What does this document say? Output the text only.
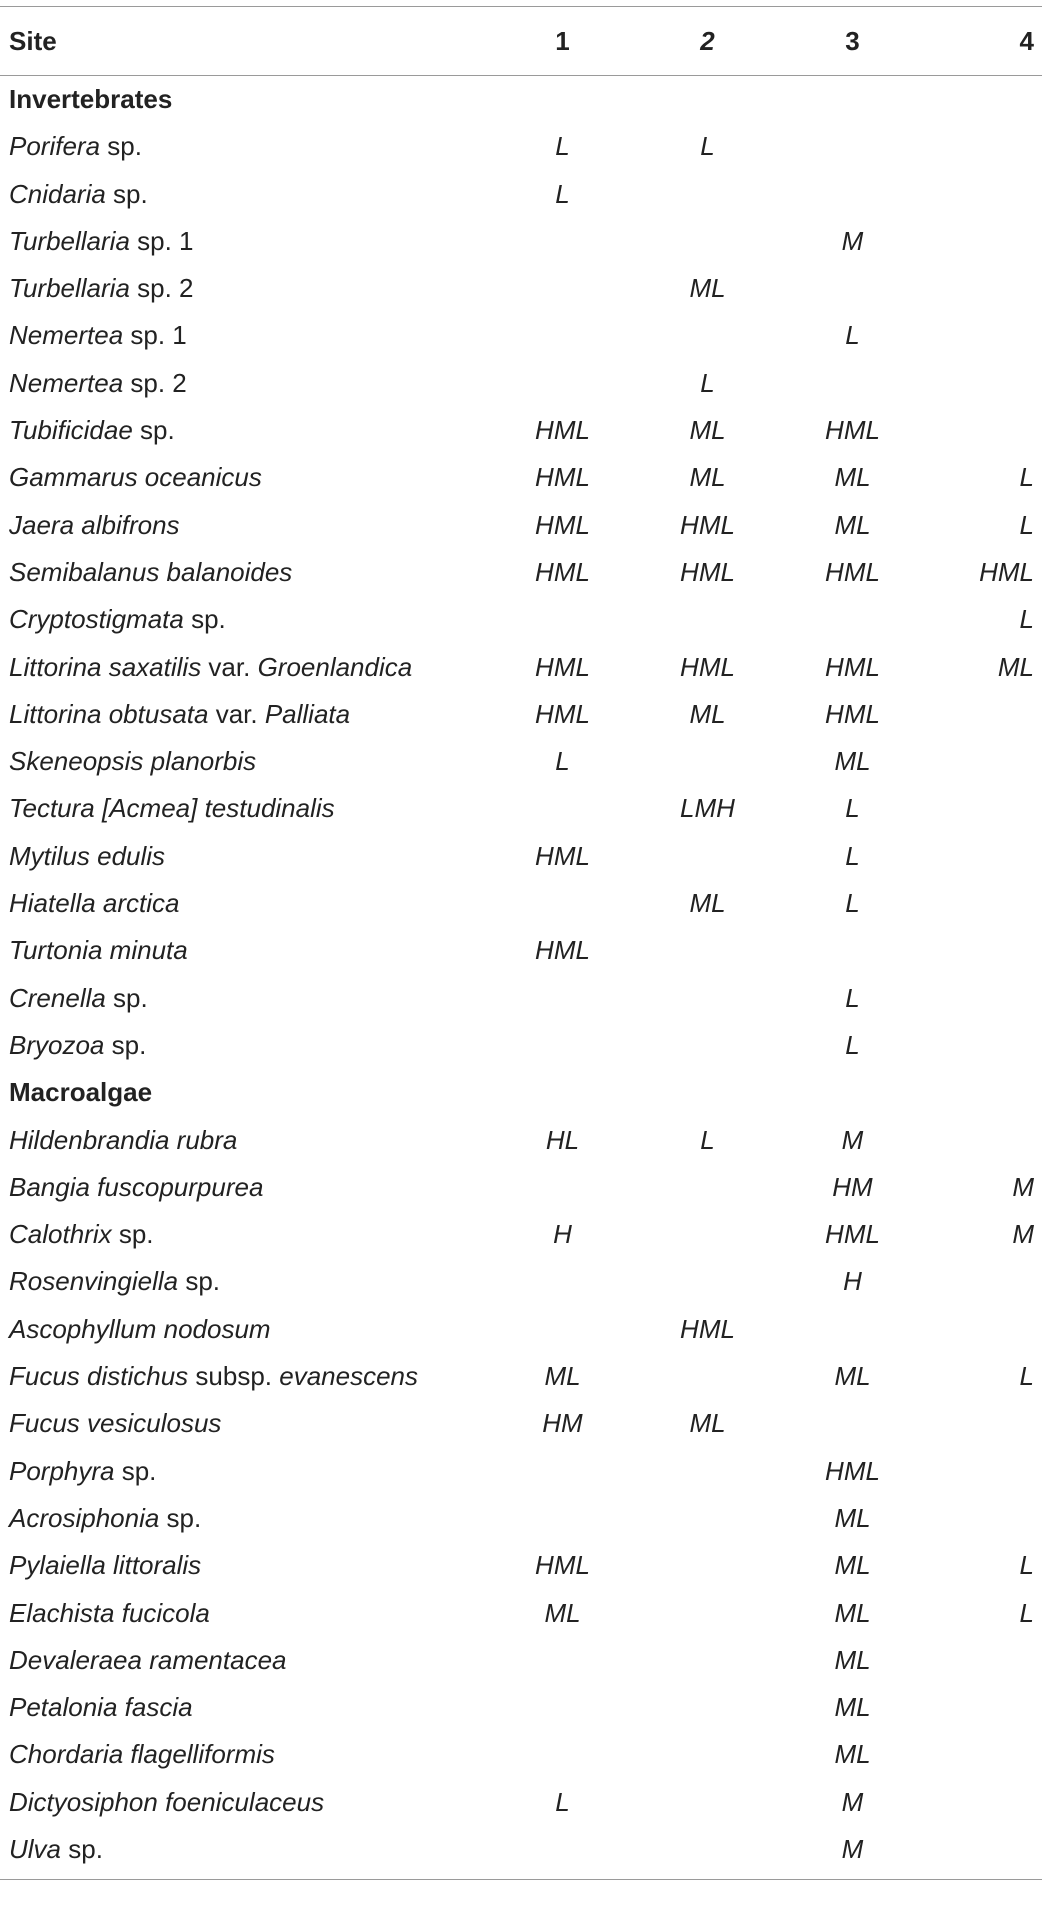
Site	1	2	3	4
Invertebrates				
Porifera sp.	L	L		
Cnidaria sp.	L			
Turbellaria sp. 1			M	
Turbellaria sp. 2		ML		
Nemertea sp. 1			L	
Nemertea sp. 2		L		
Tubificidae sp.	HML	ML	HML	
Gammarus oceanicus	HML	ML	ML	L
Jaera albifrons	HML	HML	ML	L
Semibalanus balanoides	HML	HML	HML	HML
Cryptostigmata sp.				L
Littorina saxatilis var. Groenlandica	HML	HML	HML	ML
Littorina obtusata var. Palliata	HML	ML	HML	
Skeneopsis planorbis	L		ML	
Tectura [Acmea] testudinalis		LMH	L	
Mytilus edulis	HML		L	
Hiatella arctica		ML	L	
Turtonia minuta	HML			
Crenella sp.			L	
Bryozoa sp.			L	
Macroalgae				
Hildenbrandia rubra	HL	L	M	
Bangia fuscopurpurea			HM	M
Calothrix sp.	H		HML	M
Rosenvingiella sp.			H	
Ascophyllum nodosum		HML		
Fucus distichus subsp. evanescens	ML		ML	L
Fucus vesiculosus	HM	ML		
Porphyra sp.			HML	
Acrosiphonia sp.			ML	
Pylaiella littoralis	HML		ML	L
Elachista fucicola	ML		ML	L
Devaleraea ramentacea			ML	
Petalonia fascia			ML	
Chordaria flagelliformis			ML	
Dictyosiphon foeniculaceus	L		M	
Ulva sp.			M	
